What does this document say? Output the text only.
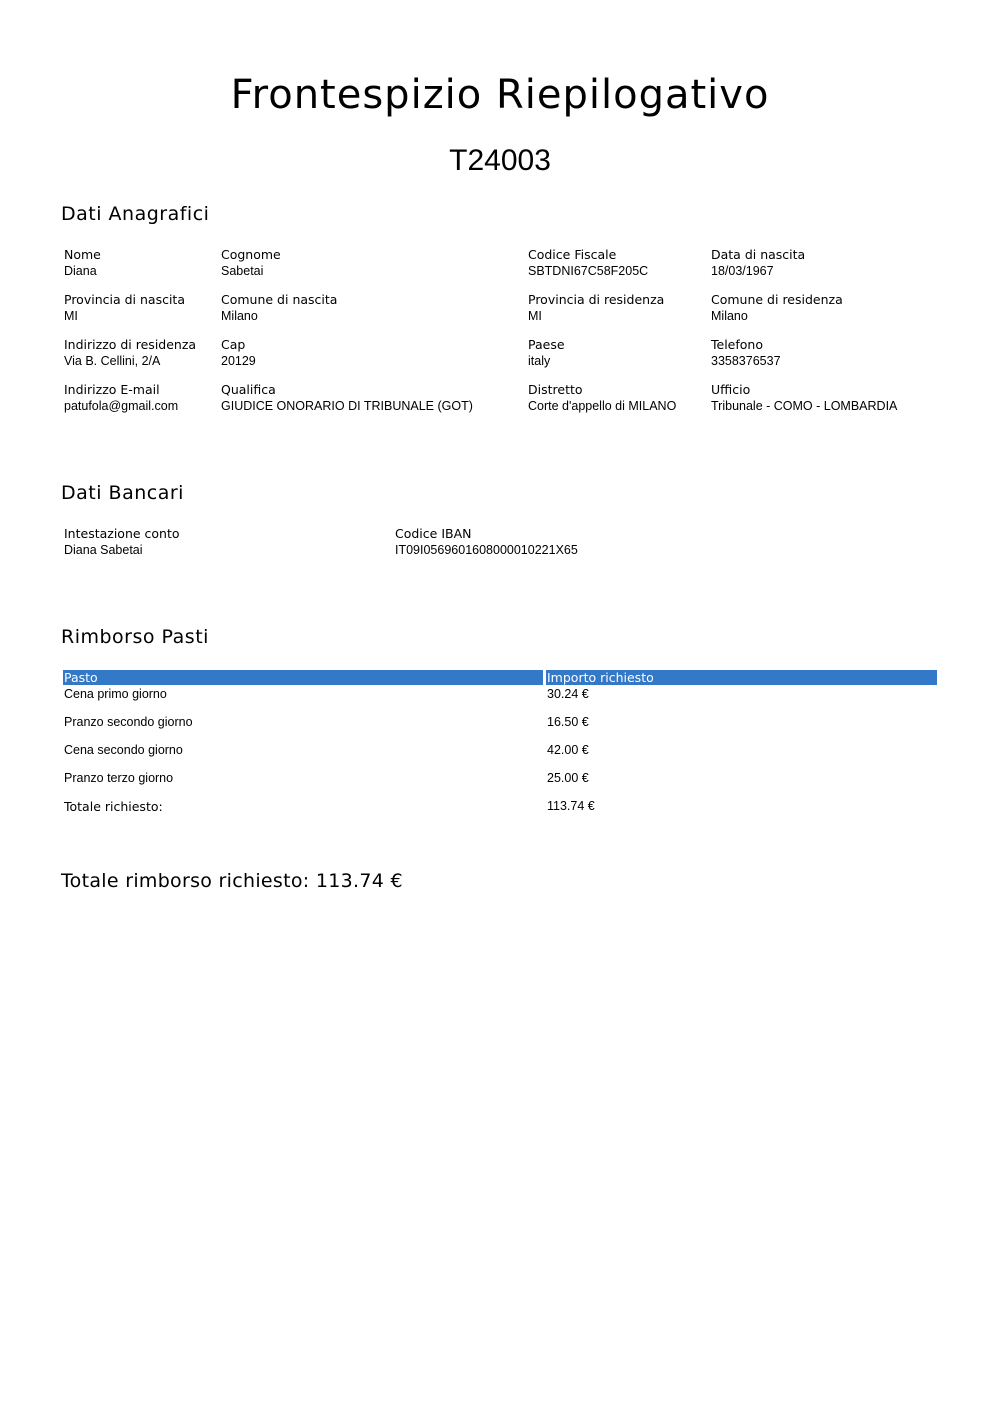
Frontespizio Riepilogativo
T24003
Dati Anagrafici
Nome
Diana
Cognome
Sabetai
Codice Fiscale
SBTDNI67C58F205C
Data di nascita
18/03/1967
Provincia di nascita
MI
Comune di nascita
Milano
Provincia di residenza
MI
Comune di residenza
Milano
Indirizzo di residenza
Via B. Cellini, 2/A
Cap
20129
Paese
italy
Telefono
3358376537
Indirizzo E-mail
patufola@gmail.com
Qualifica
GIUDICE ONORARIO DI TRIBUNALE (GOT)
Distretto
Corte d'appello di MILANO
Ufficio
Tribunale - COMO - LOMBARDIA
Dati Bancari
Intestazione conto
Diana Sabetai
Codice IBAN
IT09I0569601608000010221X65
Rimborso Pasti
Pasto	Importo richiesto
Cena primo giorno	30.24 €
Pranzo secondo giorno	16.50 €
Cena secondo giorno	42.00 €
Pranzo terzo giorno	25.00 €
Totale richiesto:	113.74 €
Totale rimborso richiesto: 113.74 €
